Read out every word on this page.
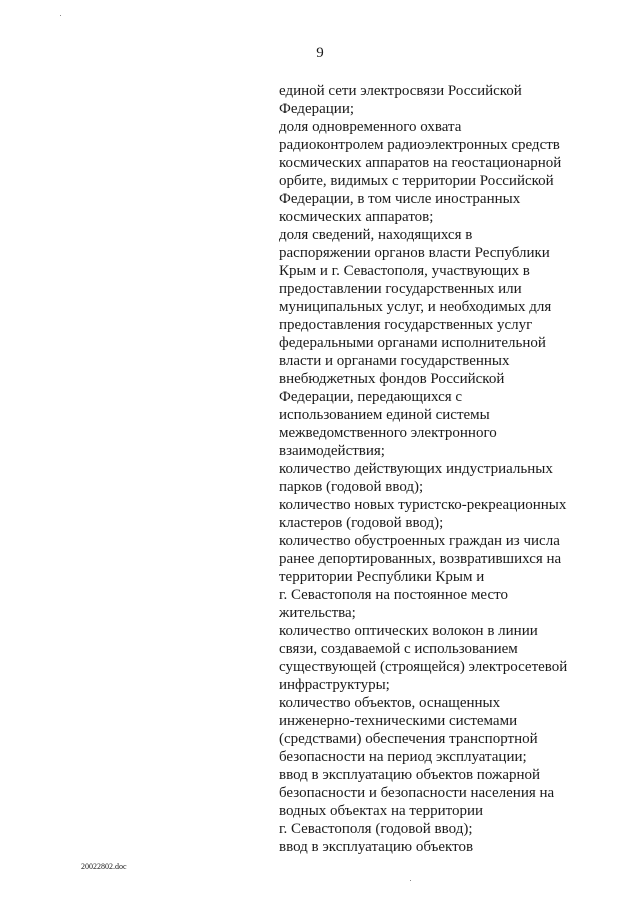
9
единой сети электросвязи Российской
Федерации;
доля одновременного охвата
радиоконтролем радиоэлектронных средств
космических аппаратов на геостационарной
орбите, видимых с территории Российской
Федерации, в том числе иностранных
космических аппаратов;
доля сведений, находящихся в
распоряжении органов власти Республики
Крым и г. Севастополя, участвующих в
предоставлении государственных или
муниципальных услуг, и необходимых для
предоставления государственных услуг
федеральными органами исполнительной
власти и органами государственных
внебюджетных фондов Российской
Федерации, передающихся с
использованием единой системы
межведомственного электронного
взаимодействия;
количество действующих индустриальных
парков (годовой ввод);
количество новых туристско-рекреационных
кластеров (годовой ввод);
количество обустроенных граждан из числа
ранее депортированных, возвратившихся на
территории Республики Крым и
г. Севастополя на постоянное место
жительства;
количество оптических волокон в линии
связи, создаваемой с использованием
существующей (строящейся) электросетевой
инфраструктуры;
количество объектов, оснащенных
инженерно-техническими системами
(средствами) обеспечения транспортной
безопасности на период эксплуатации;
ввод в эксплуатацию объектов пожарной
безопасности и безопасности населения на
водных объектах на территории
г. Севастополя (годовой ввод);
ввод в эксплуатацию объектов
20022802.doc
